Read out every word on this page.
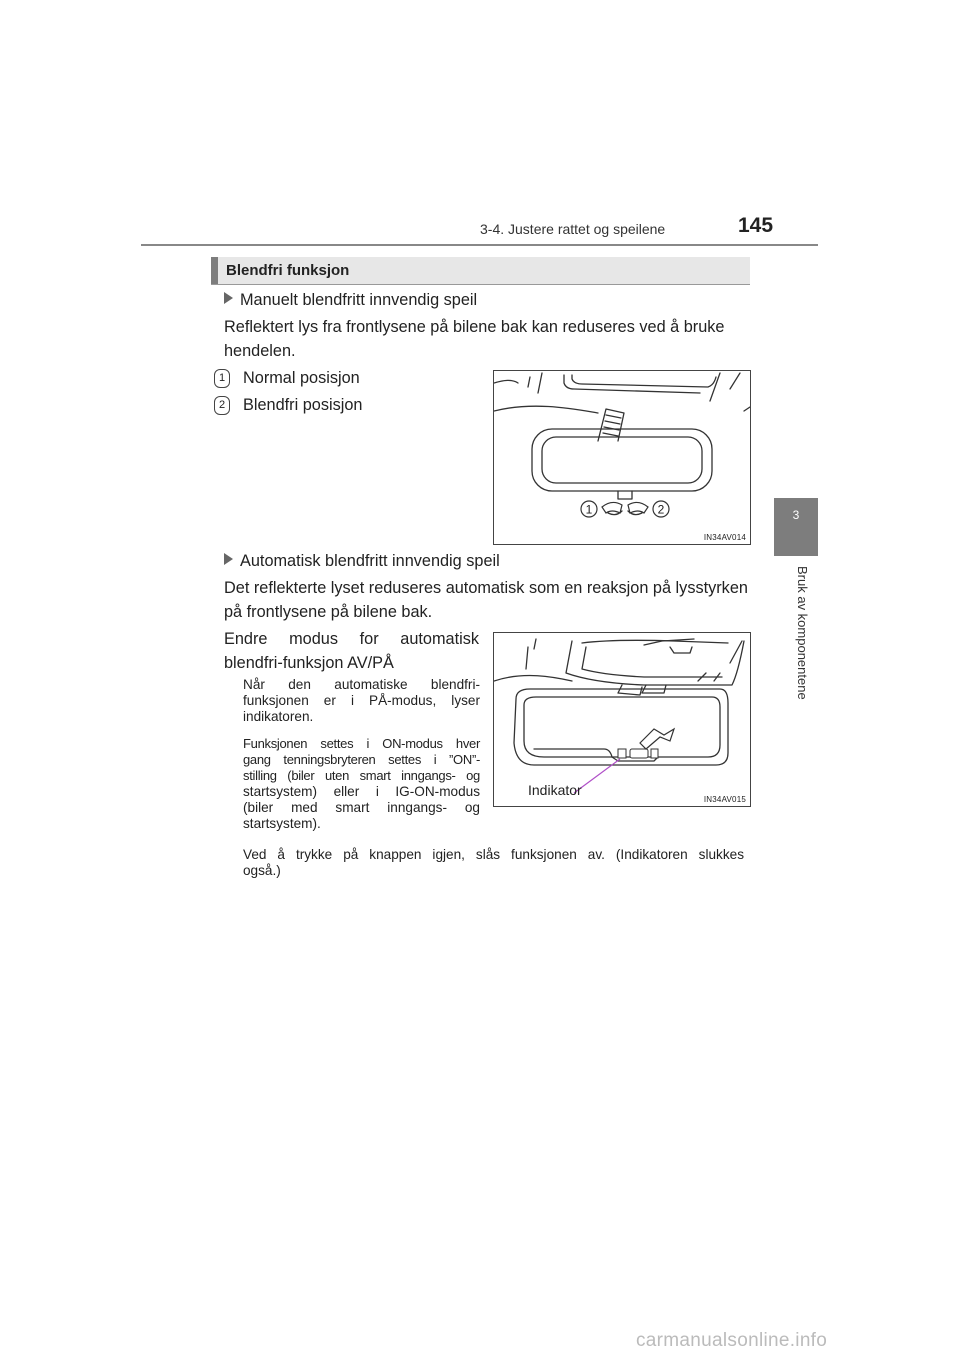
3-4. Justere rattet og speilene	145
3
Bruk av komponentene
Blendfri funksjon
Manuelt blendfritt innvendig speil
Reflektert lys fra frontlysene på bilene bak kan reduseres ved å bruke
hendelen.
1	Normal posisjon
2	Blendfri posisjon
1	2
IN34AV014
Automatisk blendfritt innvendig speil
Det reflekterte lyset reduseres automatisk som en reaksjon på lysstyrken
på frontlysene på bilene bak.
Endre modus for automatisk
blendfri-funksjon AV/PÅ
Når den automatiske blendfri-
funksjonen er i PÅ-modus, lyser
indikatoren.
Funksjonen settes i ON-modus hver
gang tenningsbryteren settes i ”ON”-
stilling (biler uten smart inngangs- og
startsystem) eller i IG-ON-modus
(biler med smart inngangs- og
startsystem).
Ved å trykke på knappen igjen, slås funksjonen av. (Indikatoren slukkes
også.)
Indikator
IN34AV015
carmanualsonline.info
